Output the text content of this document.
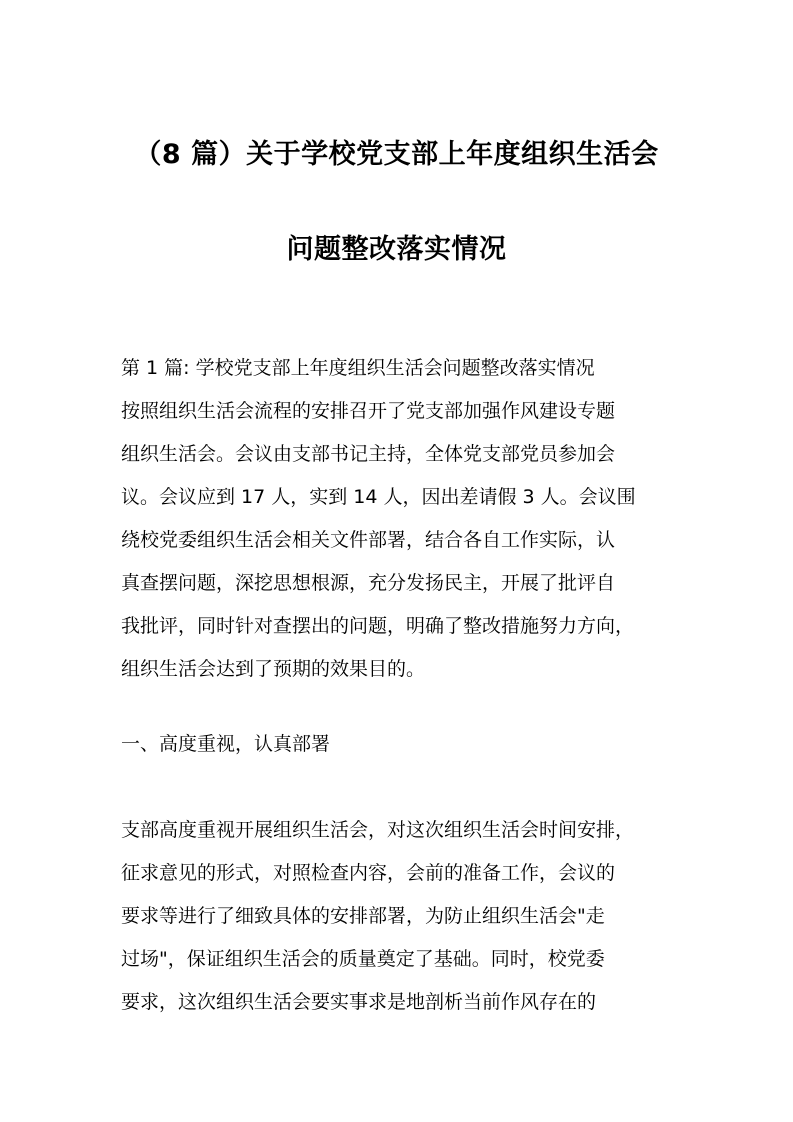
（8 篇）关于学校党支部上年度组织生活会
问题整改落实情况
第 1 篇: 学校党支部上年度组织生活会问题整改落实情况
按照组织生活会流程的安排召开了党支部加强作风建设专题
组织生活会。会议由支部书记主持，全体党支部党员参加会
议。会议应到 17 人，实到 14 人，因出差请假 3 人。会议围
绕校党委组织生活会相关文件部署，结合各自工作实际，认
真查摆问题，深挖思想根源，充分发扬民主，开展了批评自
我批评，同时针对查摆出的问题，明确了整改措施努力方向，
组织生活会达到了预期的效果目的。
一、高度重视，认真部署
支部高度重视开展组织生活会，对这次组织生活会时间安排，
征求意见的形式，对照检查内容，会前的准备工作，会议的
要求等进行了细致具体的安排部署，为防止组织生活会"走
过场"，保证组织生活会的质量奠定了基础。同时，校党委
要求，这次组织生活会要实事求是地剖析当前作风存在的
